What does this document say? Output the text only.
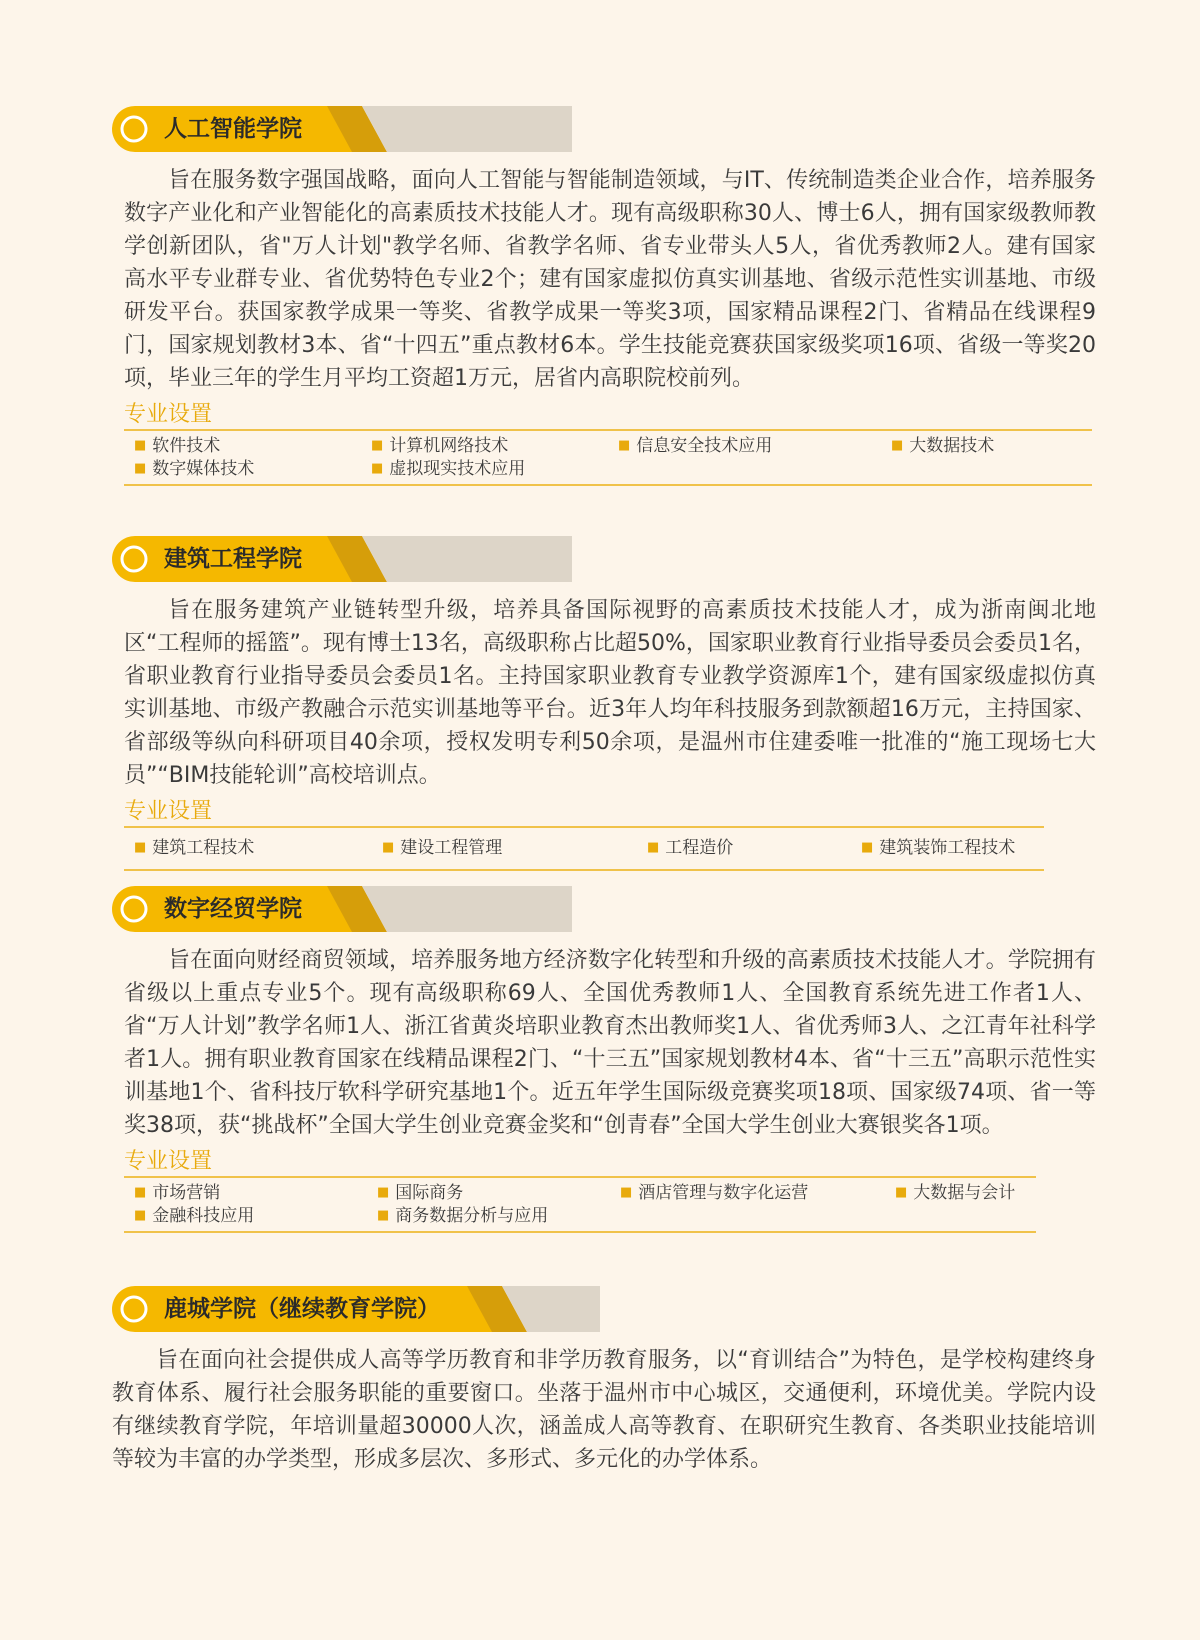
人工智能学院

旨在服务数字强国战略，面向人工智能与智能制造领域，与IT、传统制造类企业合作，培养服务数字产业化和产业智能化的高素质技术技能人才。现有高级职称30人、博士6人，拥有国家级教师教学创新团队，省"万人计划"教学名师、省教学名师、省专业带头人5人，省优秀教师2人。建有国家高水平专业群专业、省优势特色专业2个；建有国家虚拟仿真实训基地、省级示范性实训基地、市级研发平台。获国家教学成果一等奖、省教学成果一等奖3项，国家精品课程2门、省精品在线课程9门，国家规划教材3本、省“十四五”重点教材6本。学生技能竞赛获国家级奖项16项、省级一等奖20项，毕业三年的学生月平均工资超1万元，居省内高职院校前列。

专业设置
■ 软件技术	■ 计算机网络技术	■ 信息安全技术应用	■ 大数据技术
■ 数字媒体技术	■ 虚拟现实技术应用
建筑工程学院

旨在服务建筑产业链转型升级，培养具备国际视野的高素质技术技能人才，成为浙南闽北地区“工程师的摇篮”。现有博士13名，高级职称占比超50%，国家职业教育行业指导委员会委员1名，省职业教育行业指导委员会委员1名。主持国家职业教育专业教学资源库1个，建有国家级虚拟仿真实训基地、市级产教融合示范实训基地等平台。近3年人均年科技服务到款额超16万元，主持国家、省部级等纵向科研项目40余项，授权发明专利50余项，是温州市住建委唯一批准的“施工现场七大员”“BIM技能轮训”高校培训点。

专业设置
■ 建筑工程技术	■ 建设工程管理	■ 工程造价	■ 建筑装饰工程技术
数字经贸学院

旨在面向财经商贸领域，培养服务地方经济数字化转型和升级的高素质技术技能人才。学院拥有省级以上重点专业5个。现有高级职称69人、全国优秀教师1人、全国教育系统先进工作者1人、省“万人计划”教学名师1人、浙江省黄炎培职业教育杰出教师奖1人、省优秀师3人、之江青年社科学者1人。拥有职业教育国家在线精品课程2门、“十三五”国家规划教材4本、省“十三五”高职示范性实训基地1个、省科技厅软科学研究基地1个。近五年学生国际级竞赛奖项18项、国家级74项、省一等奖38项，获“挑战杯”全国大学生创业竞赛金奖和“创青春”全国大学生创业大赛银奖各1项。

专业设置
■ 市场营销	■ 国际商务	■ 酒店管理与数字化运营	■ 大数据与会计
■ 金融科技应用	■ 商务数据分析与应用
鹿城学院（继续教育学院）

旨在面向社会提供成人高等学历教育和非学历教育服务，以“育训结合”为特色，是学校构建终身教育体系、履行社会服务职能的重要窗口。坐落于温州市中心城区，交通便利，环境优美。学院内设有继续教育学院，年培训量超30000人次，涵盖成人高等教育、在职研究生教育、各类职业技能培训等较为丰富的办学类型，形成多层次、多形式、多元化的办学体系。
